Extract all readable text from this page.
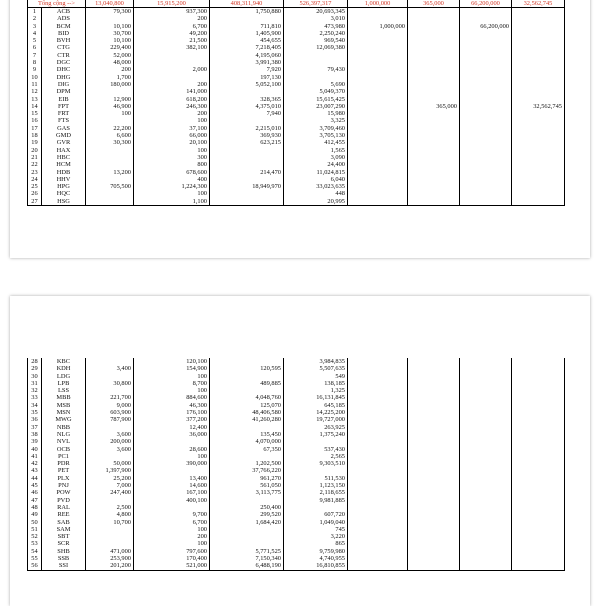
Tổng cộng -->		13,040,800	15,915,200	408,311,940	526,397,317	1,000,000	365,000	66,200,000	32,562,745
1	ACB	79,300	937,300	1,750,880	20,693,345				
2	ADS		200		3,010				
3	BCM	10,100	6,700	711,810	473,980	1,000,000		66,200,000	
4	BID	30,700	49,200	1,405,900	2,250,240				
5	BVH	10,100	21,500	454,655	969,540				
6	CTG	229,400	382,100	7,218,405	12,069,380				
7	CTR	52,000		4,195,060					
8	DGC	48,000		3,991,380					
9	DHC	200	2,000	7,920	79,430				
10	DHG	1,700		197,130					
11	DIG	180,000	200	5,052,100	5,690				
12	DPM		141,000		5,049,370				
13	EIB	12,900	618,200	328,365	15,615,425				
14	FPT	46,900	246,300	4,375,010	23,007,290		365,000		32,562,745
15	FRT	100	200	7,940	15,980				
16	FTS		100		3,325				
17	GAS	22,200	37,100	2,215,010	3,709,460				
18	GMD	6,600	66,000	369,930	3,705,130				
19	GVR	30,300	20,100	623,215	412,455				
20	HAX		100		1,565				
21	HBC		300		3,090				
22	HCM		800		24,400				
23	HDB	13,200	678,600	214,470	11,024,815				
24	HHV		400		6,040				
25	HPG	705,500	1,224,300	18,949,970	33,023,635				
26	HQC		100		448				
27	HSG		1,100		20,995				
28	KBC		120,100		3,984,835				
29	KDH	3,400	154,900	120,595	5,507,635				
30	LDG		100		549				
31	LPB	30,800	8,700	489,885	138,185				
32	LSS		100		1,325				
33	MBB	221,700	884,600	4,048,760	16,131,845				
34	MSB	9,000	46,300	125,070	645,185				
35	MSN	603,900	176,100	48,406,580	14,225,200				
36	MWG	787,900	377,200	41,260,280	19,727,000				
37	NBB		12,400		263,925				
38	NLG	3,600	36,000	135,450	1,375,240				
39	NVL	200,000		4,070,000					
40	OCB	3,600	28,600	67,350	537,430				
41	PC1		100		2,565				
42	PDR	50,000	390,000	1,202,500	9,303,510				
43	PET	1,397,900		37,766,220					
44	PLX	25,200	13,400	961,270	511,530				
45	PNJ	7,000	14,600	561,050	1,123,150				
46	POW	247,400	167,100	3,113,775	2,118,655				
47	PVD		400,100		9,981,885				
48	RAL	2,500		250,400					
49	REE	4,800	9,700	299,520	607,720				
50	SAB	10,700	6,700	1,684,420	1,049,040				
51	SAM		100		745				
52	SBT		200		3,220				
53	SCR		100		865				
54	SHB	471,000	797,600	5,771,525	9,759,980				
55	SSB	253,900	170,400	7,150,340	4,740,955				
56	SSI	201,200	521,000	6,488,190	16,810,855				
